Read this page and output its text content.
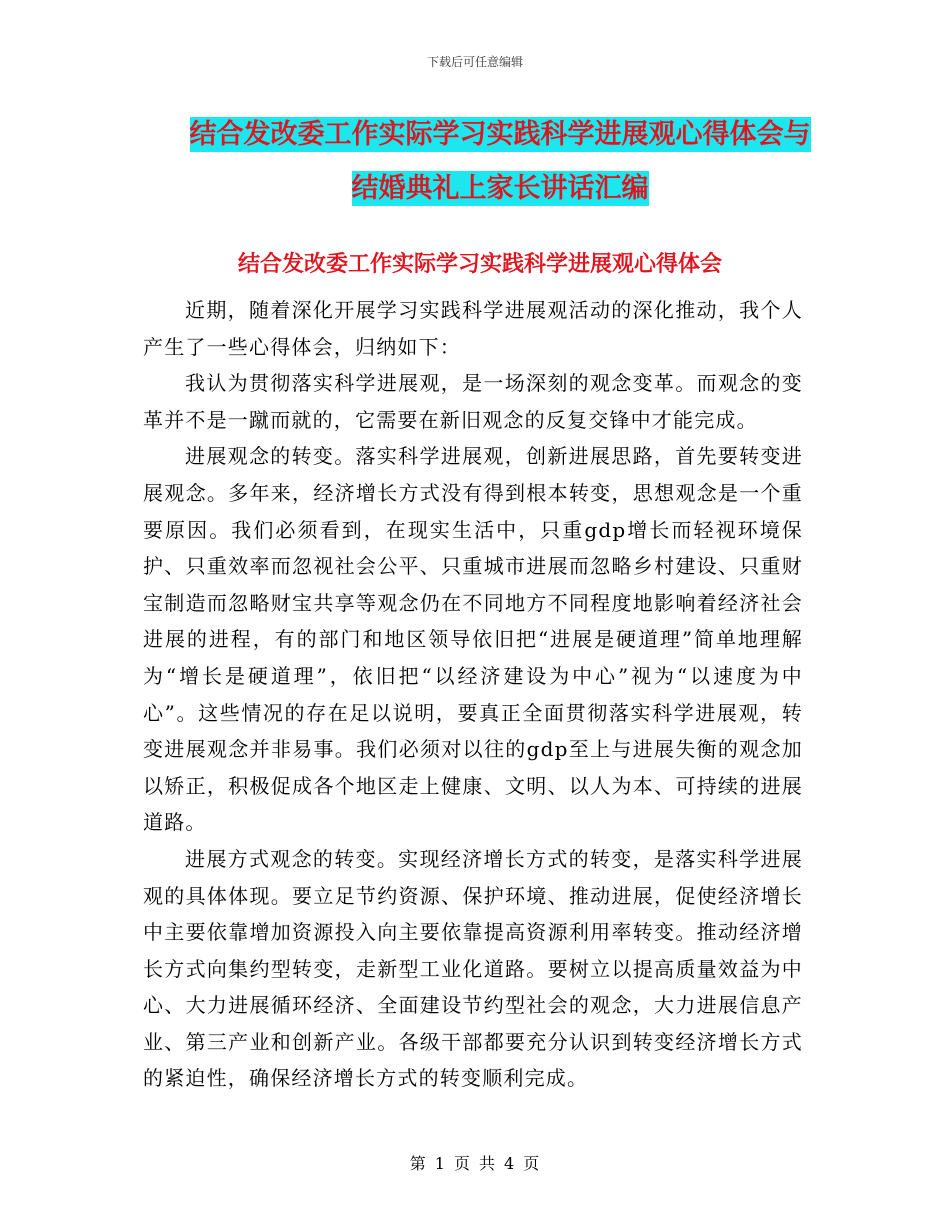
下载后可任意编辑
结合发改委工作实际学习实践科学进展观心得体会与
结婚典礼上家长讲话汇编
结合发改委工作实际学习实践科学进展观心得体会

近期，随着深化开展学习实践科学进展观活动的深化推动，我个人产生了一些心得体会，归纳如下：

我认为贯彻落实科学进展观，是一场深刻的观念变革。而观念的变革并不是一蹴而就的，它需要在新旧观念的反复交锋中才能完成。

进展观念的转变。落实科学进展观，创新进展思路，首先要转变进展观念。多年来，经济增长方式没有得到根本转变，思想观念是一个重要原因。我们必须看到，在现实生活中，只重gdp增长而轻视环境保护、只重效率而忽视社会公平、只重城市进展而忽略乡村建设、只重财宝制造而忽略财宝共享等观念仍在不同地方不同程度地影响着经济社会进展的进程，有的部门和地区领导依旧把“进展是硬道理”简单地理解为“增长是硬道理”，依旧把“以经济建设为中心”视为“以速度为中心”。这些情况的存在足以说明，要真正全面贯彻落实科学进展观，转变进展观念并非易事。我们必须对以往的gdp至上与进展失衡的观念加以矫正，积极促成各个地区走上健康、文明、以人为本、可持续的进展道路。

进展方式观念的转变。实现经济增长方式的转变，是落实科学进展观的具体体现。要立足节约资源、保护环境、推动进展，促使经济增长中主要依靠增加资源投入向主要依靠提高资源利用率转变。推动经济增长方式向集约型转变，走新型工业化道路。要树立以提高质量效益为中心、大力进展循环经济、全面建设节约型社会的观念，大力进展信息产业、第三产业和创新产业。各级干部都要充分认识到转变经济增长方式的紧迫性，确保经济增长方式的转变顺利完成。

第 1 页 共 4 页
